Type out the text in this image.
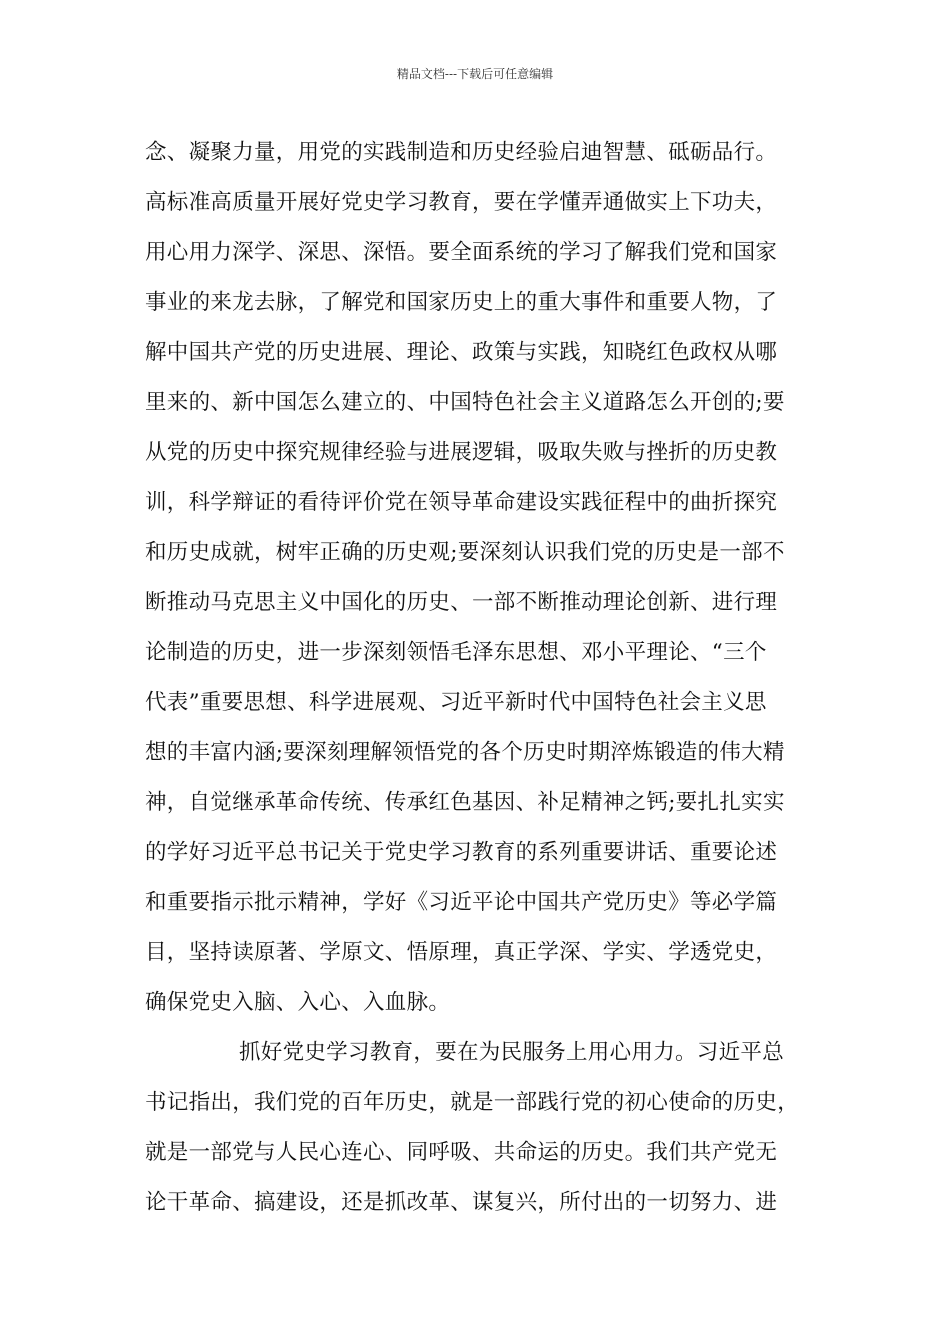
精品文档---下载后可任意编辑
念、凝聚力量，用党的实践制造和历史经验启迪智慧、砥砺品行。
高标准高质量开展好党史学习教育，要在学懂弄通做实上下功夫，
用心用力深学、深思、深悟。要全面系统的学习了解我们党和国家
事业的来龙去脉，了解党和国家历史上的重大事件和重要人物，了
解中国共产党的历史进展、理论、政策与实践，知晓红色政权从哪
里来的、新中国怎么建立的、中国特色社会主义道路怎么开创的;要
从党的历史中探究规律经验与进展逻辑，吸取失败与挫折的历史教
训，科学辩证的看待评价党在领导革命建设实践征程中的曲折探究
和历史成就，树牢正确的历史观;要深刻认识我们党的历史是一部不
断推动马克思主义中国化的历史、一部不断推动理论创新、进行理
论制造的历史，进一步深刻领悟毛泽东思想、邓小平理论、“三个
代表”重要思想、科学进展观、习近平新时代中国特色社会主义思
想的丰富内涵;要深刻理解领悟党的各个历史时期淬炼锻造的伟大精
神，自觉继承革命传统、传承红色基因、补足精神之钙;要扎扎实实
的学好习近平总书记关于党史学习教育的系列重要讲话、重要论述
和重要指示批示精神，学好《习近平论中国共产党历史》等必学篇
目，坚持读原著、学原文、悟原理，真正学深、学实、学透党史，
确保党史入脑、入心、入血脉。
抓好党史学习教育，要在为民服务上用心用力。习近平总
书记指出，我们党的百年历史，就是一部践行党的初心使命的历史，
就是一部党与人民心连心、同呼吸、共命运的历史。我们共产党无
论干革命、搞建设，还是抓改革、谋复兴，所付出的一切努力、进
